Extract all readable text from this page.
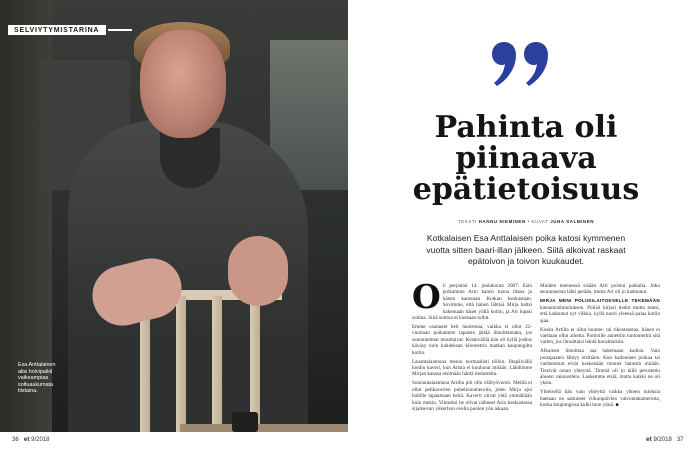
SELVIYTYMISTARINA
Esa Anttalainen alisi holvipaikil vaikeampiaa soltuaukumata tiistaina.
36 et 9/2018
Pahinta oli
piinaava
epätietoisuus
TEKSTI HANNU NIEMINEN • KUVAT JUHA SALMINEN

Kotkalaisen Esa Anttalaisen poika katosi kymmenen vuotta sitten baari-illan jälkeen. Siitä alkoivat raskaat epätoivon ja toivon kuukaudet.

O li perjantai 14. joulukuuta 2007. Esin poikamme Arto katosi tuona iltana ja hänen kanssaan Kotkan keskustaan. Sovimme, että hänen lähtisä Mirja haltsi hakemaan hänet yöllä kotiin, ja Art lupasi soittaa. Siitä soittoa ei koskaan tullut.

Emme osanneet heti huolestua, vaikka ei ollut 22-vuotiaan poikamme tapaista jättää ilmoittamatta, jos suunnitelmat muuttuivat. Keskiväillä hän oli kyllä joskus käväsy noin kahdeksan kilometrin matkan kaupungilta kotiin.

Lauantaiaamuna menin normaalisti töihin. Iltapäivällä hoidin kaveri, kun Arista ei kuulunut mitään. Lähdimme Mirjan kanssa etsimään häntä tiedustelta.

Sunnuntaiaamuna Artilla piti olla välityövuoro. Meillä ei ollut pelikaverien puhelinnumeroita, joten Mirja ajoi hallille tapaamaan heitä. Kaverit olivat yhtä ymmällään kuin mekin. Viimeksi he olivat nähneet Arin keskustassa sijaitsevan yökerhon ovella puolen yön aikaan.

Muiden mennessä sisään Arti poistui paikalta. Joku seuranneista lähti perään, mutta Ari oli jo kadonnut.

MIRJA MENI POLIISILAITOKSELLE TEKEMÄÄN katoamisilmoituksen. Poliisi kirjasi tiedot mutta totesi, että kadonnut nyt vilkku, kyllä nuori yleensä palaa kotiin ajaa.

Koska Artilla ei ollut huume- tai rikostaustaa, hänen ei vaeltaan ollut aihetta. Partioille annettiin tuntomerkit sitä varten, jos ilmoittaisi häntä havaittaisiin.

Alkuinen ilmoittaa saa hakemaan kadota. Vain joutapaaten lähtyy etsiltäen. Kun kadonneet poikaa tai vanhemmat eivät keskenään tiennet hänestä mitään. Tiesivät oman yhteyttä. Timmä oli jo tällä perustettu alueen vakuustlelu. Laskemme etsiä, mutta kaikki ne oli yksin.

Yhteisellä hän vain yhteyttä vaikka yhteen tuloksia haetaan on sattuneet viikonpäivien valvontakameroita, koska kaupungissa kulki tuon yönä. ■

et 9/2018 37
